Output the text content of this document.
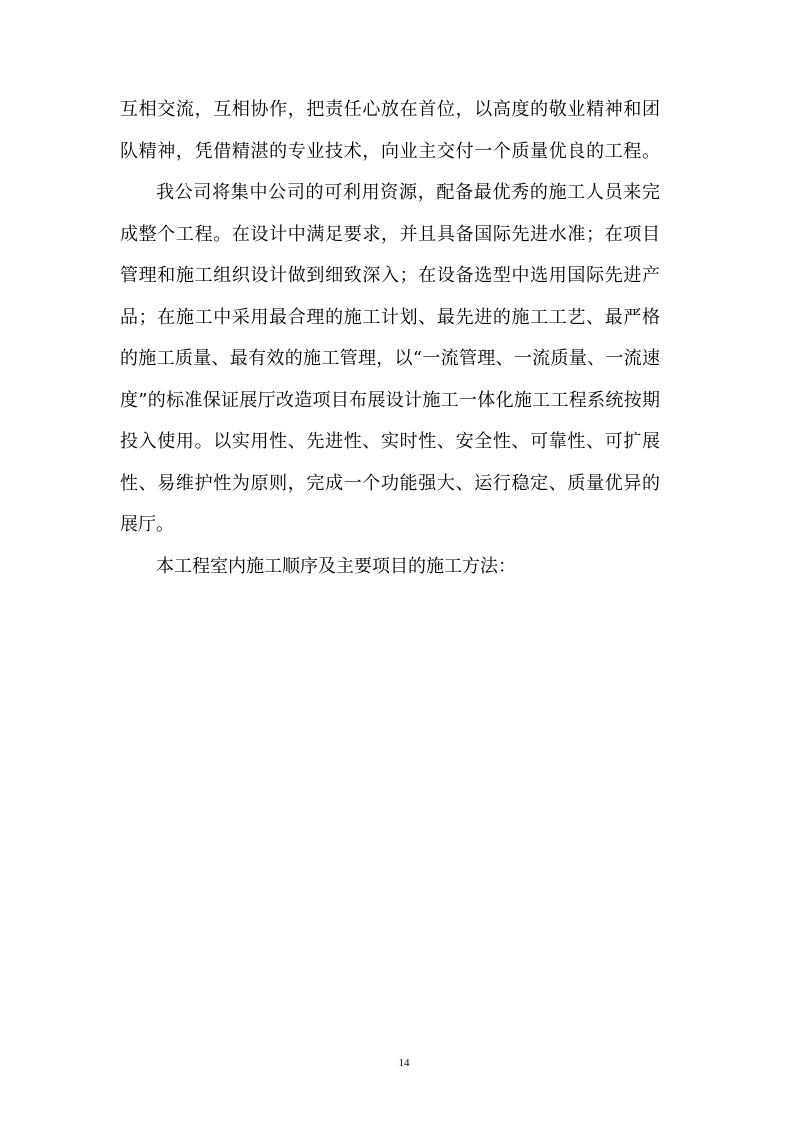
互相交流，互相协作，把责任心放在首位，以高度的敬业精神和团
队精神，凭借精湛的专业技术，向业主交付一个质量优良的工程。
我公司将集中公司的可利用资源，配备最优秀的施工人员来完
成整个工程。在设计中满足要求，并且具备国际先进水准；在项目
管理和施工组织设计做到细致深入；在设备选型中选用国际先进产
品；在施工中采用最合理的施工计划、最先进的施工工艺、最严格
的施工质量、最有效的施工管理，以“一流管理、一流质量、一流速
度”的标准保证展厅改造项目布展设计施工一体化施工工程系统按期
投入使用。以实用性、先进性、实时性、安全性、可靠性、可扩展
性、易维护性为原则，完成一个功能强大、运行稳定、质量优异的
展厅。
本工程室内施工顺序及主要项目的施工方法：
14
